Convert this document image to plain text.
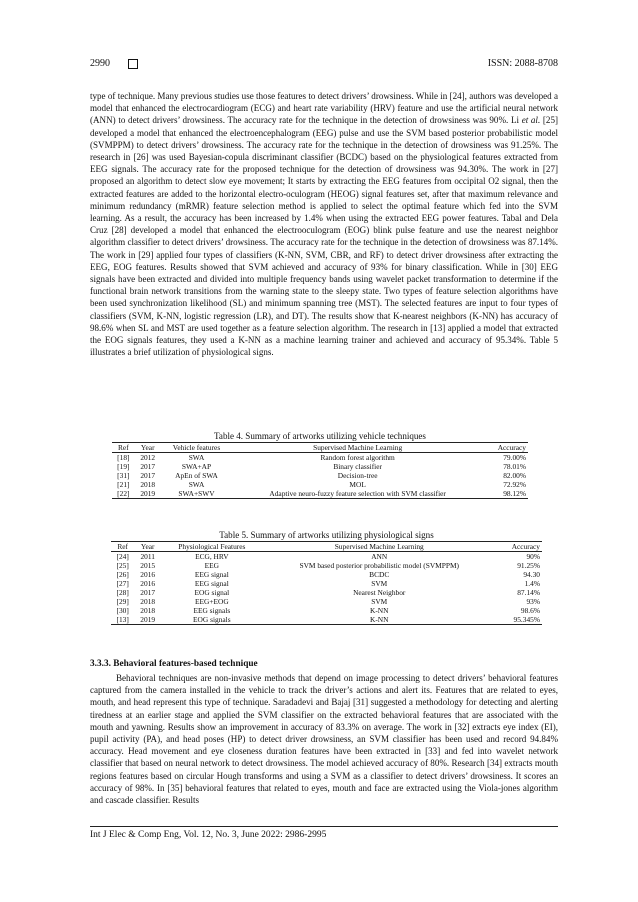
2990	ISSN: 2088-8708
type of technique. Many previous studies use those features to detect drivers’ drowsiness. While in [24], authors was developed a model that enhanced the electrocardiogram (ECG) and heart rate variability (HRV) feature and use the artificial neural network (ANN) to detect drivers’ drowsiness. The accuracy rate for the technique in the detection of drowsiness was 90%. Li et al. [25] developed a model that enhanced the electroencephalogram (EEG) pulse and use the SVM based posterior probabilistic model (SVMPPM) to detect drivers’ drowsiness. The accuracy rate for the technique in the detection of drowsiness was 91.25%. The research in [26] was used Bayesian-copula discriminant classifier (BCDC) based on the physiological features extracted from EEG signals. The accuracy rate for the proposed technique for the detection of drowsiness was 94.30%. The work in [27] proposed an algorithm to detect slow eye movement; It starts by extracting the EEG features from occipital O2 signal, then the extracted features are added to the horizontal electro-oculogram (HEOG) signal features set, after that maximum relevance and minimum redundancy (mRMR) feature selection method is applied to select the optimal feature which fed into the SVM learning. As a result, the accuracy has been increased by 1.4% when using the extracted EEG power features. Tabal and Dela Cruz [28] developed a model that enhanced the electrooculogram (EOG) blink pulse feature and use the nearest neighbor algorithm classifier to detect drivers’ drowsiness. The accuracy rate for the technique in the detection of drowsiness was 87.14%. The work in [29] applied four types of classifiers (K-NN, SVM, CBR, and RF) to detect driver drowsiness after extracting the EEG, EOG features. Results showed that SVM achieved and accuracy of 93% for binary classification. While in [30] EEG signals have been extracted and divided into multiple frequency bands using wavelet packet transformation to determine if the functional brain network transitions from the warning state to the sleepy state. Two types of feature selection algorithms have been used synchronization likelihood (SL) and minimum spanning tree (MST). The selected features are input to four types of classifiers (SVM, K-NN, logistic regression (LR), and DT). The results show that K-nearest neighbors (K-NN) has accuracy of 98.6% when SL and MST are used together as a feature selection algorithm. The research in [13] applied a model that extracted the EOG signals features, they used a K-NN as a machine learning trainer and achieved and accuracy of 95.34%. Table 5 illustrates a brief utilization of physiological signs.
Table 4. Summary of artworks utilizing vehicle techniques
Ref	Year	Vehicle features	Supervised Machine Learning	Accuracy
[18]	2012	SWA	Random forest algorithm	79.00%
[19]	2017	SWA+AP	Binary classifier	78.01%
[31]	2017	ApEn of SWA	Decision-tree	82.00%
[21]	2018	SWA	MOL	72.92%
[22]	2019	SWA+SWV	Adaptive neuro-fuzzy feature selection with SVM classifier	98.12%
Table 5. Summary of artworks utilizing physiological signs
Ref	Year	Physiological Features	Supervised Machine Learning	Accuracy
[24]	2011	ECG, HRV	ANN	90%
[25]	2015	EEG	SVM based posterior probabilistic model (SVMPPM)	91.25%
[26]	2016	EEG signal	BCDC	94.30
[27]	2016	EEG signal	SVM	1.4%
[28]	2017	EOG signal	Nearest Neighbor	87.14%
[29]	2018	EEG+EOG	SVM	93%
[30]	2018	EEG signals	K-NN	98.6%
[13]	2019	EOG signals	K-NN	95.345%
3.3.3. Behavioral features-based technique
Behavioral techniques are non-invasive methods that depend on image processing to detect drivers’ behavioral features captured from the camera installed in the vehicle to track the driver’s actions and alert its. Features that are related to eyes, mouth, and head represent this type of technique. Saradadevi and Bajaj [31] suggested a methodology for detecting and alerting tiredness at an earlier stage and applied the SVM classifier on the extracted behavioral features that are associated with the mouth and yawning. Results show an improvement in accuracy of 83.3% on average. The work in [32] extracts eye index (EI), pupil activity (PA), and head poses (HP) to detect driver drowsiness, an SVM classifier has been used and record 94.84% accuracy. Head movement and eye closeness duration features have been extracted in [33] and fed into wavelet network classifier that based on neural network to detect drowsiness. The model achieved accuracy of 80%. Research [34] extracts mouth regions features based on circular Hough transforms and using a SVM as a classifier to detect drivers’ drowsiness. It scores an accuracy of 98%. In [35] behavioral features that related to eyes, mouth and face are extracted using the Viola-jones algorithm and cascade classifier. Results
Int J Elec & Comp Eng, Vol. 12, No. 3, June 2022: 2986-2995
